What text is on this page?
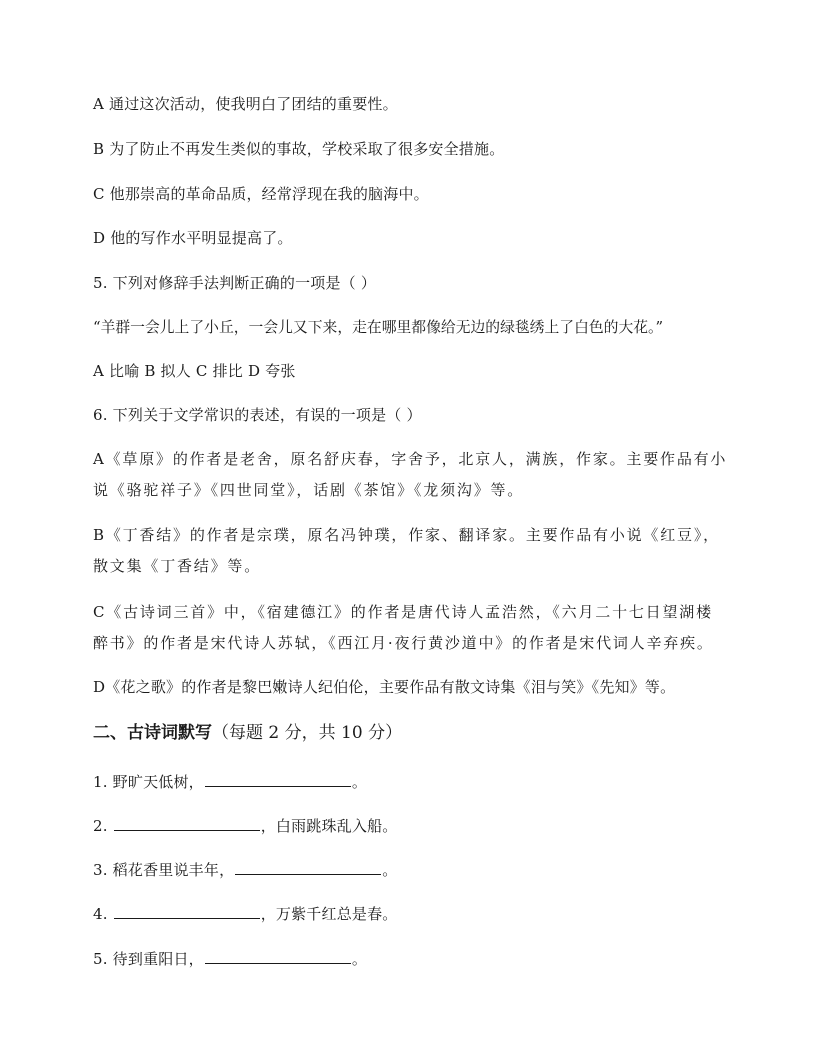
A 通过这次活动，使我明白了团结的重要性。
B 为了防止不再发生类似的事故，学校采取了很多安全措施。
C 他那崇高的革命品质，经常浮现在我的脑海中。
D 他的写作水平明显提高了。
5. 下列对修辞手法判断正确的一项是（ ）
“羊群一会儿上了小丘，一会儿又下来，走在哪里都像给无边的绿毯绣上了白色的大花。”
A 比喻 B 拟人 C 排比 D 夸张
6. 下列关于文学常识的表述，有误的一项是（ ）
A《草原》的作者是老舍，原名舒庆春，字舍予，北京人，满族，作家。主要作品有小说《骆驼祥子》《四世同堂》，话剧《茶馆》《龙须沟》等。
B《丁香结》的作者是宗璞，原名冯钟璞，作家、翻译家。主要作品有小说《红豆》，散文集《丁香结》等。
C《古诗词三首》中，《宿建德江》的作者是唐代诗人孟浩然，《六月二十七日望湖楼醉书》的作者是宋代诗人苏轼，《西江月·夜行黄沙道中》的作者是宋代词人辛弃疾。
D《花之歌》的作者是黎巴嫩诗人纪伯伦，主要作品有散文诗集《泪与笑》《先知》等。
二、古诗词默写（每题 2 分，共 10 分）
1. 野旷天低树，	。
2.	，白雨跳珠乱入船。
3. 稻花香里说丰年，	。
4.	，万紫千红总是春。
5. 待到重阳日，	。
